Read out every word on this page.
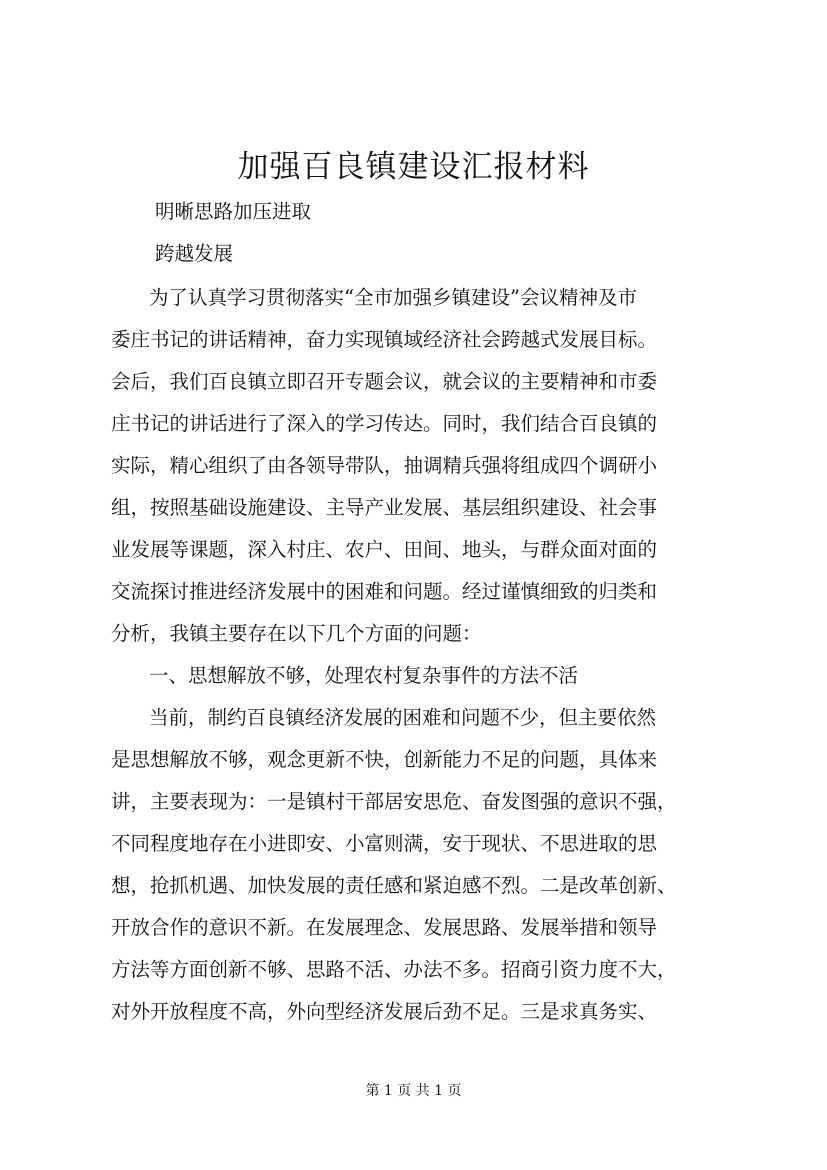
加强百良镇建设汇报材料
明晰思路加压进取
跨越发展
为了认真学习贯彻落实“全市加强乡镇建设”会议精神及市
委庄书记的讲话精神，奋力实现镇域经济社会跨越式发展目标。
会后，我们百良镇立即召开专题会议，就会议的主要精神和市委
庄书记的讲话进行了深入的学习传达。同时，我们结合百良镇的
实际，精心组织了由各领导带队，抽调精兵强将组成四个调研小
组，按照基础设施建设、主导产业发展、基层组织建设、社会事
业发展等课题，深入村庄、农户、田间、地头，与群众面对面的
交流探讨推进经济发展中的困难和问题。经过谨慎细致的归类和
分析，我镇主要存在以下几个方面的问题：
一、思想解放不够，处理农村复杂事件的方法不活
当前，制约百良镇经济发展的困难和问题不少，但主要依然
是思想解放不够，观念更新不快，创新能力不足的问题，具体来
讲，主要表现为：一是镇村干部居安思危、奋发图强的意识不强，
不同程度地存在小进即安、小富则满，安于现状、不思进取的思
想，抢抓机遇、加快发展的责任感和紧迫感不烈。二是改革创新、
开放合作的意识不新。在发展理念、发展思路、发展举措和领导
方法等方面创新不够、思路不活、办法不多。招商引资力度不大，
对外开放程度不高，外向型经济发展后劲不足。三是求真务实、
第 1 页 共 1 页
